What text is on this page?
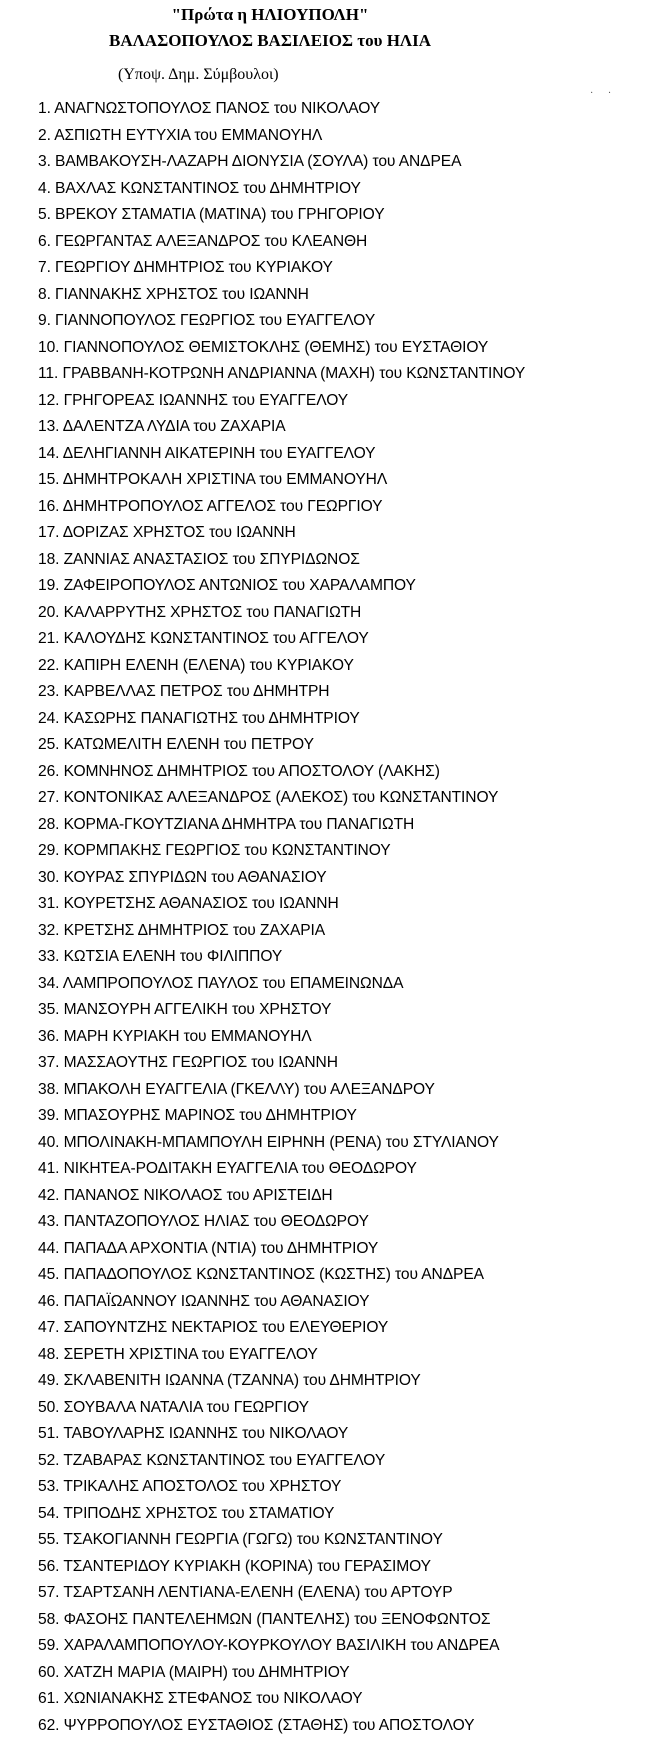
"Πρώτα η ΗΛΙΟΥΠΟΛΗ"
ΒΑΛΑΣΟΠΟΥΛΟΣ ΒΑΣΙΛΕΙΟΣ του ΗΛΙΑ
(Υποψ. Δημ. Σύμβουλοι)
· ·
1 . ΑΝΑΓΝΩΣΤΟΠΟΥΛΟΣ ΠΑΝΟΣ του ΝΙΚΟΛΑΟΥ
2 . ΑΣΠΙΩΤΗ ΕΥΤΥΧΙΑ του ΕΜΜΑΝΟΥΗΛ
3 . ΒΑΜΒΑΚΟΥΣΗ-ΛΑΖΑΡΗ ΔΙΟΝΥΣΙΑ (ΣΟΥΛΑ) του ΑΝΔΡΕΑ
4 . ΒΑΧΛΑΣ ΚΩΝΣΤΑΝΤΙΝΟΣ του ΔΗΜΗΤΡΙΟΥ
5 . ΒΡΕΚΟΥ ΣΤΑΜΑΤΙΑ (ΜΑΤΙΝΑ) του ΓΡΗΓΟΡΙΟΥ
6 . ΓΕΩΡΓΑΝΤΑΣ ΑΛΕΞΑΝΔΡΟΣ του ΚΛΕΑΝΘΗ
7 . ΓΕΩΡΓΙΟΥ ΔΗΜΗΤΡΙΟΣ του ΚΥΡΙΑΚΟΥ
8 . ΓΙΑΝΝΑΚΗΣ ΧΡΗΣΤΟΣ του ΙΩΑΝΝΗ
9 . ΓΙΑΝΝΟΠΟΥΛΟΣ ΓΕΩΡΓΙΟΣ του ΕΥΑΓΓΕΛΟΥ
10 . ΓΙΑΝΝΟΠΟΥΛΟΣ ΘΕΜΙΣΤΟΚΛΗΣ (ΘΕΜΗΣ) του ΕΥΣΤΑΘΙΟΥ
11 . ΓΡΑΒΒΑΝΗ-ΚΟΤΡΩΝΗ ΑΝΔΡΙΑΝΝΑ (ΜΑΧΗ) του ΚΩΝΣΤΑΝΤΙΝΟΥ
12 . ΓΡΗΓΟΡΕΑΣ ΙΩΑΝΝΗΣ του ΕΥΑΓΓΕΛΟΥ
13 . ΔΑΛΕΝΤΖΑ ΛΥΔΙΑ του ΖΑΧΑΡΙΑ
14 . ΔΕΛΗΓΙΑΝΝΗ ΑΙΚΑΤΕΡΙΝΗ του ΕΥΑΓΓΕΛΟΥ
15 . ΔΗΜΗΤΡΟΚΑΛΗ ΧΡΙΣΤΙΝΑ του ΕΜΜΑΝΟΥΗΛ
16 . ΔΗΜΗΤΡΟΠΟΥΛΟΣ ΑΓΓΕΛΟΣ του ΓΕΩΡΓΙΟΥ
17 . ΔΟΡΙΖΑΣ ΧΡΗΣΤΟΣ του ΙΩΑΝΝΗ
18 . ΖΑΝΝΙΑΣ ΑΝΑΣΤΑΣΙΟΣ του ΣΠΥΡΙΔΩΝΟΣ
19 . ΖΑΦΕΙΡΟΠΟΥΛΟΣ ΑΝΤΩΝΙΟΣ του ΧΑΡΑΛΑΜΠΟΥ
20 . ΚΑΛΑΡΡΥΤΗΣ ΧΡΗΣΤΟΣ του ΠΑΝΑΓΙΩΤΗ
21 . ΚΑΛΟΥΔΗΣ ΚΩΝΣΤΑΝΤΙΝΟΣ του ΑΓΓΕΛΟΥ
22 . ΚΑΠΙΡΗ ΕΛΕΝΗ (ΕΛΕΝΑ) του ΚΥΡΙΑΚΟΥ
23 . ΚΑΡΒΕΛΛΑΣ ΠΕΤΡΟΣ του ΔΗΜΗΤΡΗ
24 . ΚΑΣΩΡΗΣ ΠΑΝΑΓΙΩΤΗΣ του ΔΗΜΗΤΡΙΟΥ
25 . ΚΑΤΩΜΕΛΙΤΗ ΕΛΕΝΗ του ΠΕΤΡΟΥ
26 . ΚΟΜΝΗΝΟΣ ΔΗΜΗΤΡΙΟΣ του ΑΠΟΣΤΟΛΟΥ (ΛΑΚΗΣ)
27 . ΚΟΝΤΟΝΙΚΑΣ ΑΛΕΞΑΝΔΡΟΣ (ΑΛΕΚΟΣ) του ΚΩΝΣΤΑΝΤΙΝΟΥ
28 . ΚΟΡΜΑ-ΓΚΟΥΤΖΙΑΝΑ ΔΗΜΗΤΡΑ του ΠΑΝΑΓΙΩΤΗ
29 . ΚΟΡΜΠΑΚΗΣ ΓΕΩΡΓΙΟΣ του ΚΩΝΣΤΑΝΤΙΝΟΥ
30 . ΚΟΥΡΑΣ ΣΠΥΡΙΔΩΝ του ΑΘΑΝΑΣΙΟΥ
31 . ΚΟΥΡΕΤΣΗΣ ΑΘΑΝΑΣΙΟΣ του ΙΩΑΝΝΗ
32 . ΚΡΕΤΣΗΣ ΔΗΜΗΤΡΙΟΣ του ΖΑΧΑΡΙΑ
33 . ΚΩΤΣΙΑ ΕΛΕΝΗ του ΦΙΛΙΠΠΟΥ
34 . ΛΑΜΠΡΟΠΟΥΛΟΣ ΠΑΥΛΟΣ του ΕΠΑΜΕΙΝΩΝΔΑ
35 . ΜΑΝΣΟΥΡΗ ΑΓΓΕΛΙΚΗ του ΧΡΗΣΤΟΥ
36 . ΜΑΡΗ ΚΥΡΙΑΚΗ του ΕΜΜΑΝΟΥΗΛ
37 . ΜΑΣΣΑΟΥΤΗΣ ΓΕΩΡΓΙΟΣ του ΙΩΑΝΝΗ
38 . ΜΠΑΚΟΛΗ ΕΥΑΓΓΕΛΙΑ (ΓΚΕΛΛΥ) του ΑΛΕΞΑΝΔΡΟΥ
39 . ΜΠΑΣΟΥΡΗΣ ΜΑΡΙΝΟΣ του ΔΗΜΗΤΡΙΟΥ
40 . ΜΠΟΛΙΝΑΚΗ-ΜΠΑΜΠΟΥΛΗ ΕΙΡΗΝΗ (ΡΕΝΑ) του ΣΤΥΛΙΑΝΟΥ
41 . ΝΙΚΗΤΕΑ-ΡΟΔΙΤΑΚΗ ΕΥΑΓΓΕΛΙΑ του ΘΕΟΔΩΡΟΥ
42 . ΠΑΝΑΝΟΣ ΝΙΚΟΛΑΟΣ του ΑΡΙΣΤΕΙΔΗ
43 . ΠΑΝΤΑΖΟΠΟΥΛΟΣ ΗΛΙΑΣ του ΘΕΟΔΩΡΟΥ
44 . ΠΑΠΑΔΑ ΑΡΧΟΝΤΙΑ (ΝΤΙΑ) του ΔΗΜΗΤΡΙΟΥ
45 . ΠΑΠΑΔΟΠΟΥΛΟΣ ΚΩΝΣΤΑΝΤΙΝΟΣ (ΚΩΣΤΗΣ) του ΑΝΔΡΕΑ
46 . ΠΑΠΑΪΩΑΝΝΟΥ ΙΩΑΝΝΗΣ του ΑΘΑΝΑΣΙΟΥ
47 . ΣΑΠΟΥΝΤΖΗΣ ΝΕΚΤΑΡΙΟΣ του ΕΛΕΥΘΕΡΙΟΥ
48 . ΣΕΡΕΤΗ ΧΡΙΣΤΙΝΑ του ΕΥΑΓΓΕΛΟΥ
49 . ΣΚΛΑΒΕΝΙΤΗ ΙΩΑΝΝΑ (ΤΖΑΝΝΑ) του ΔΗΜΗΤΡΙΟΥ
50 . ΣΟΥΒΑΛΑ ΝΑΤΑΛΙΑ του ΓΕΩΡΓΙΟΥ
51 . ΤΑΒΟΥΛΑΡΗΣ ΙΩΑΝΝΗΣ του ΝΙΚΟΛΑΟΥ
52 . ΤΖΑΒΑΡΑΣ ΚΩΝΣΤΑΝΤΙΝΟΣ του ΕΥΑΓΓΕΛΟΥ
53 . ΤΡΙΚΑΛΗΣ ΑΠΟΣΤΟΛΟΣ του ΧΡΗΣΤΟΥ
54 . ΤΡΙΠΟΔΗΣ ΧΡΗΣΤΟΣ του ΣΤΑΜΑΤΙΟΥ
55 . ΤΣΑΚΟΓΙΑΝΝΗ ΓΕΩΡΓΙΑ (ΓΩΓΩ) του ΚΩΝΣΤΑΝΤΙΝΟΥ
56 . ΤΣΑΝΤΕΡΙΔΟΥ ΚΥΡΙΑΚΗ (ΚΟΡΙΝΑ) του ΓΕΡΑΣΙΜΟΥ
57 . ΤΣΑΡΤΣΑΝΗ ΛΕΝΤΙΑΝΑ-ΕΛΕΝΗ (ΕΛΕΝΑ) του ΑΡΤΟΥΡ
58 . ΦΑΣΟΗΣ ΠΑΝΤΕΛΕΗΜΩΝ (ΠΑΝΤΕΛΗΣ) του ΞΕΝΟΦΩΝΤΟΣ
59 . ΧΑΡΑΛΑΜΠΟΠΟΥΛΟΥ-ΚΟΥΡΚΟΥΛΟΥ ΒΑΣΙΛΙΚΗ του ΑΝΔΡΕΑ
60 . ΧΑΤΖΗ ΜΑΡΙΑ (ΜΑΙΡΗ) του ΔΗΜΗΤΡΙΟΥ
61 . ΧΩΝΙΑΝΑΚΗΣ ΣΤΕΦΑΝΟΣ του ΝΙΚΟΛΑΟΥ
62 . ΨΥΡΡΟΠΟΥΛΟΣ ΕΥΣΤΑΘΙΟΣ (ΣΤΑΘΗΣ) του ΑΠΟΣΤΟΛΟΥ
